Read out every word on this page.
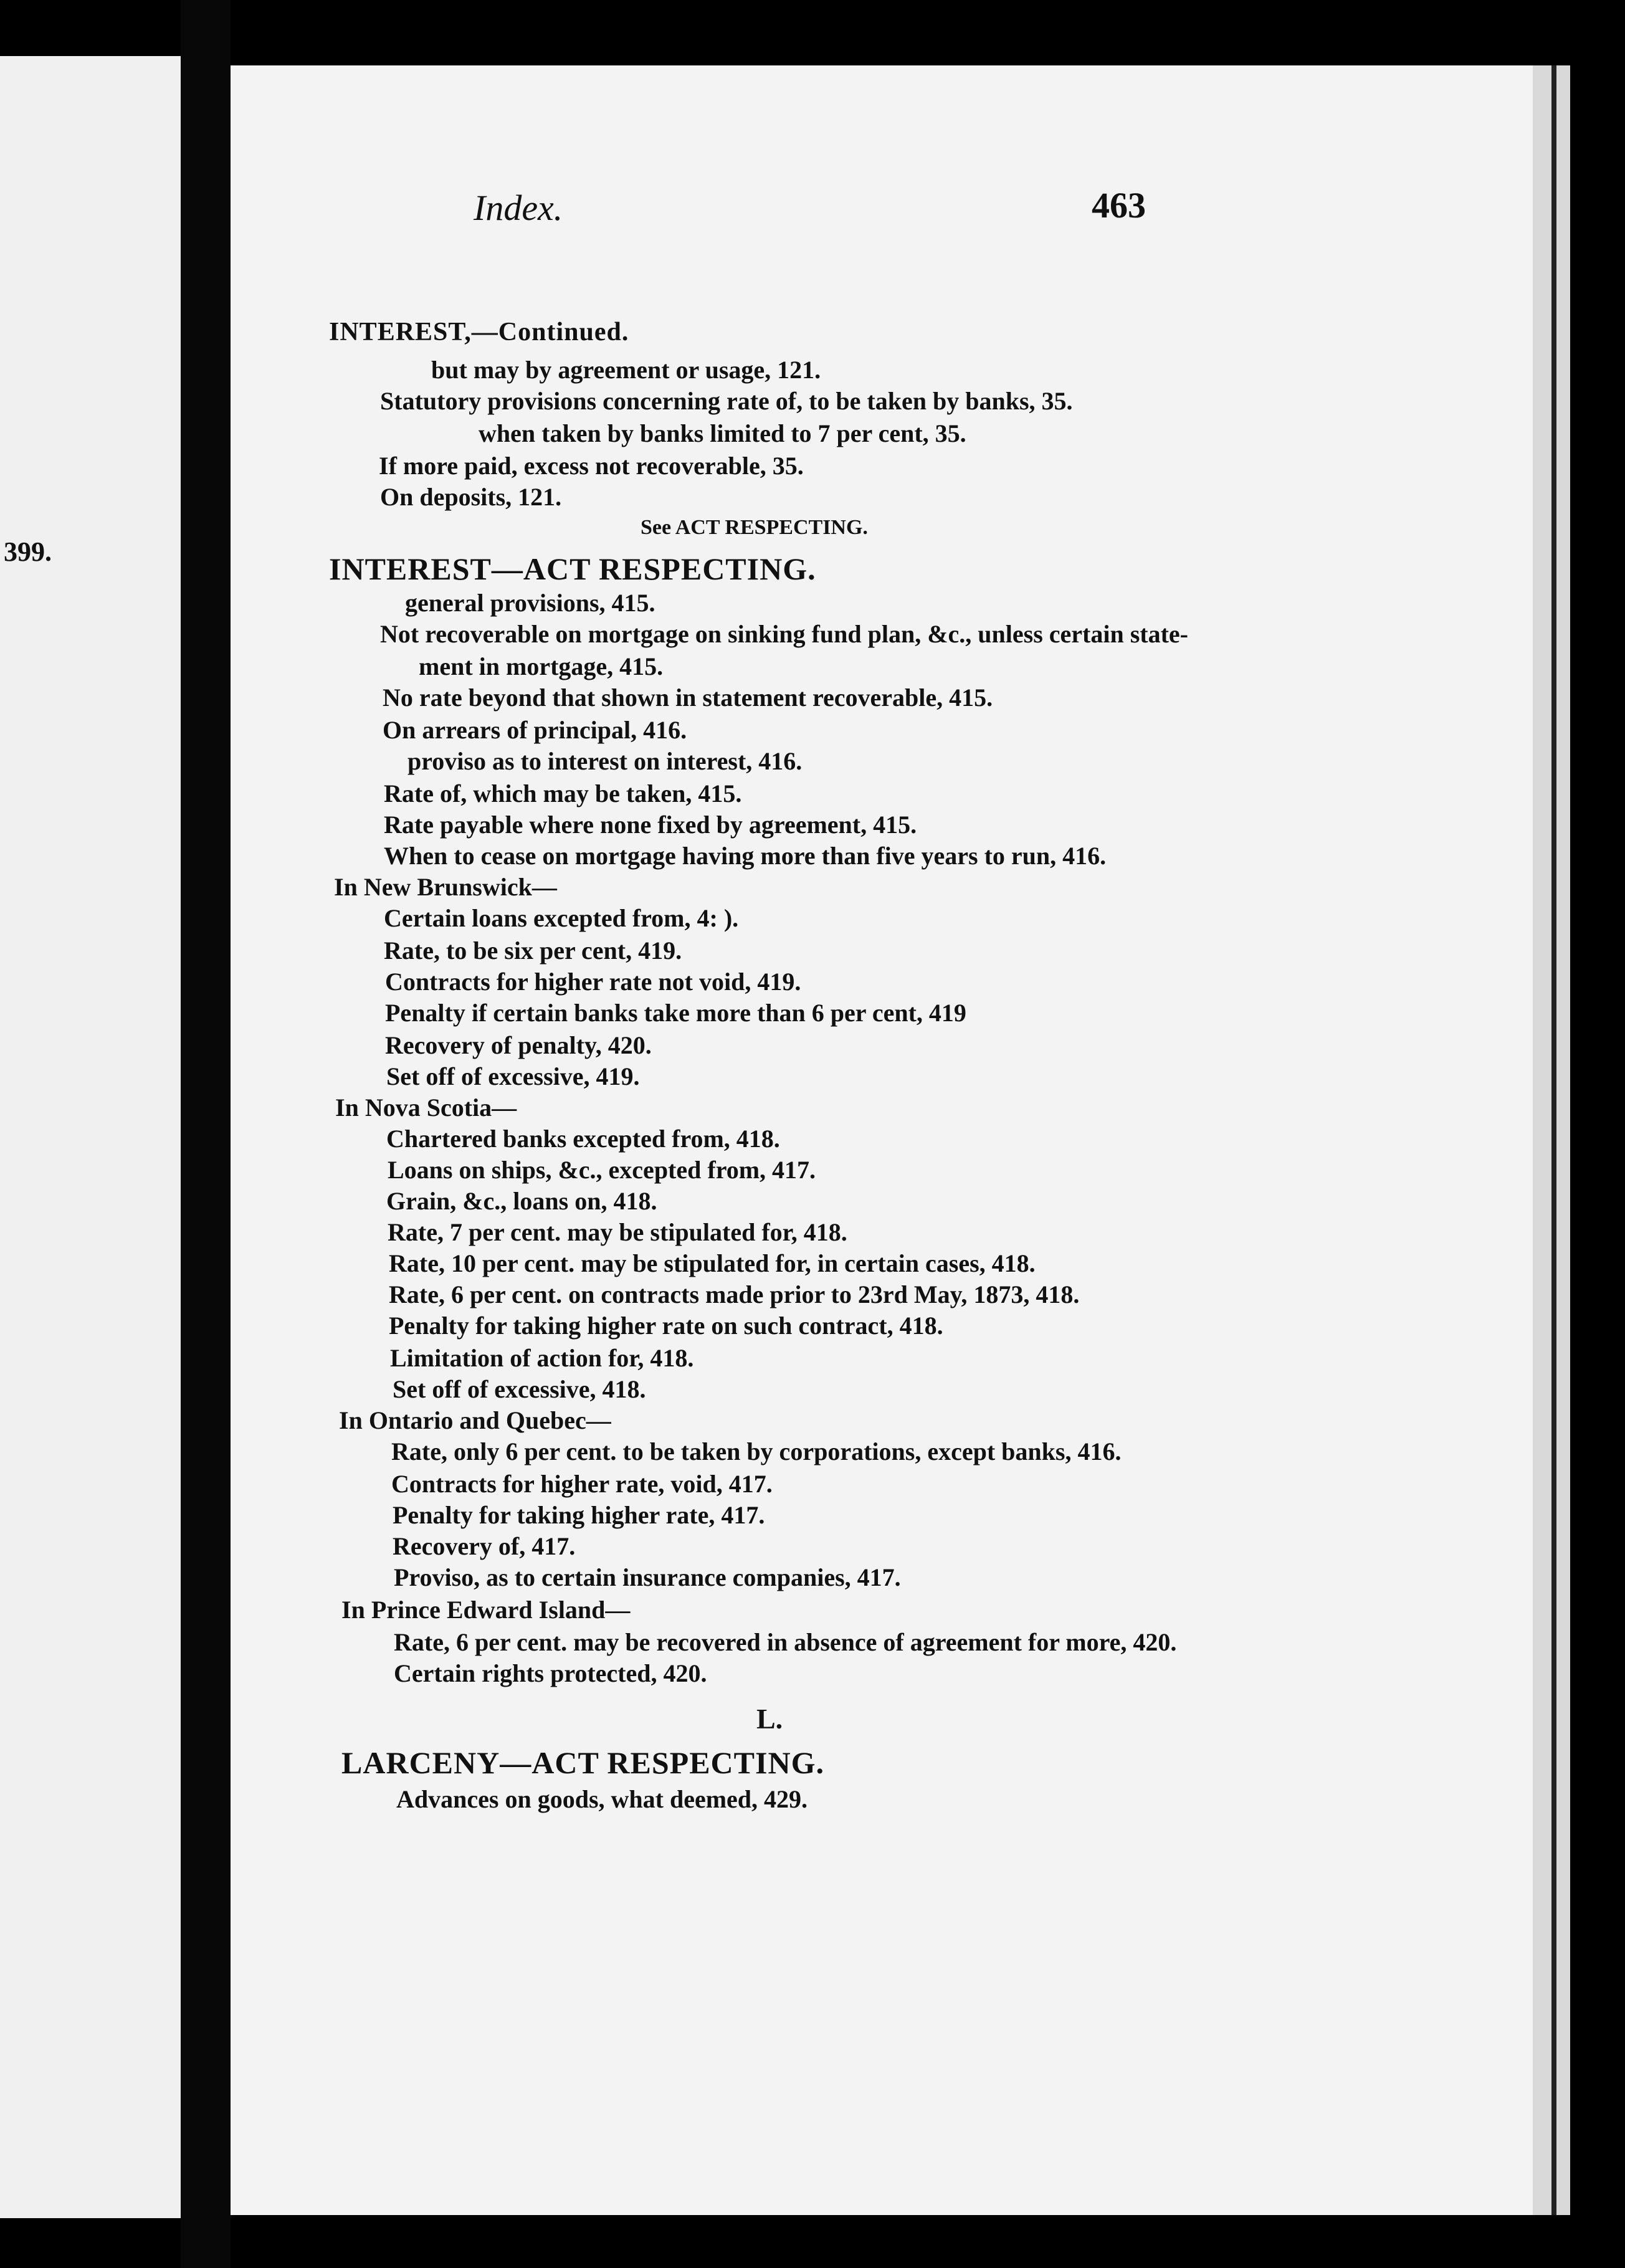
399.
Index.	463
INTEREST,—Continued.
but may by agreement or usage, 121.
Statutory provisions concerning rate of, to be taken by banks, 35.
when taken by banks limited to 7 per cent, 35.
If more paid, excess not recoverable, 35.
On deposits, 121.
See ACT RESPECTING.
INTEREST—ACT RESPECTING.
general provisions, 415.
Not recoverable on mortgage on sinking fund plan, &c., unless certain state-
ment in mortgage, 415.
No rate beyond that shown in statement recoverable, 415.
On arrears of principal, 416.
proviso as to interest on interest, 416.
Rate of, which may be taken, 415.
Rate payable where none fixed by agreement, 415.
When to cease on mortgage having more than five years to run, 416.
In New Brunswick—
Certain loans excepted from, 4: ).
Rate, to be six per cent, 419.
Contracts for higher rate not void, 419.
Penalty if certain banks take more than 6 per cent, 419
Recovery of penalty, 420.
Set off of excessive, 419.
In Nova Scotia—
Chartered banks excepted from, 418.
Loans on ships, &c., excepted from, 417.
Grain, &c., loans on, 418.
Rate, 7 per cent. may be stipulated for, 418.
Rate, 10 per cent. may be stipulated for, in certain cases, 418.
Rate, 6 per cent. on contracts made prior to 23rd May, 1873, 418.
Penalty for taking higher rate on such contract, 418.
Limitation of action for, 418.
Set off of excessive, 418.
In Ontario and Quebec—
Rate, only 6 per cent. to be taken by corporations, except banks, 416.
Contracts for higher rate, void, 417.
Penalty for taking higher rate, 417.
Recovery of, 417.
Proviso, as to certain insurance companies, 417.
In Prince Edward Island—
Rate, 6 per cent. may be recovered in absence of agreement for more, 420.
Certain rights protected, 420.
L.
LARCENY—ACT RESPECTING.
Advances on goods, what deemed, 429.
